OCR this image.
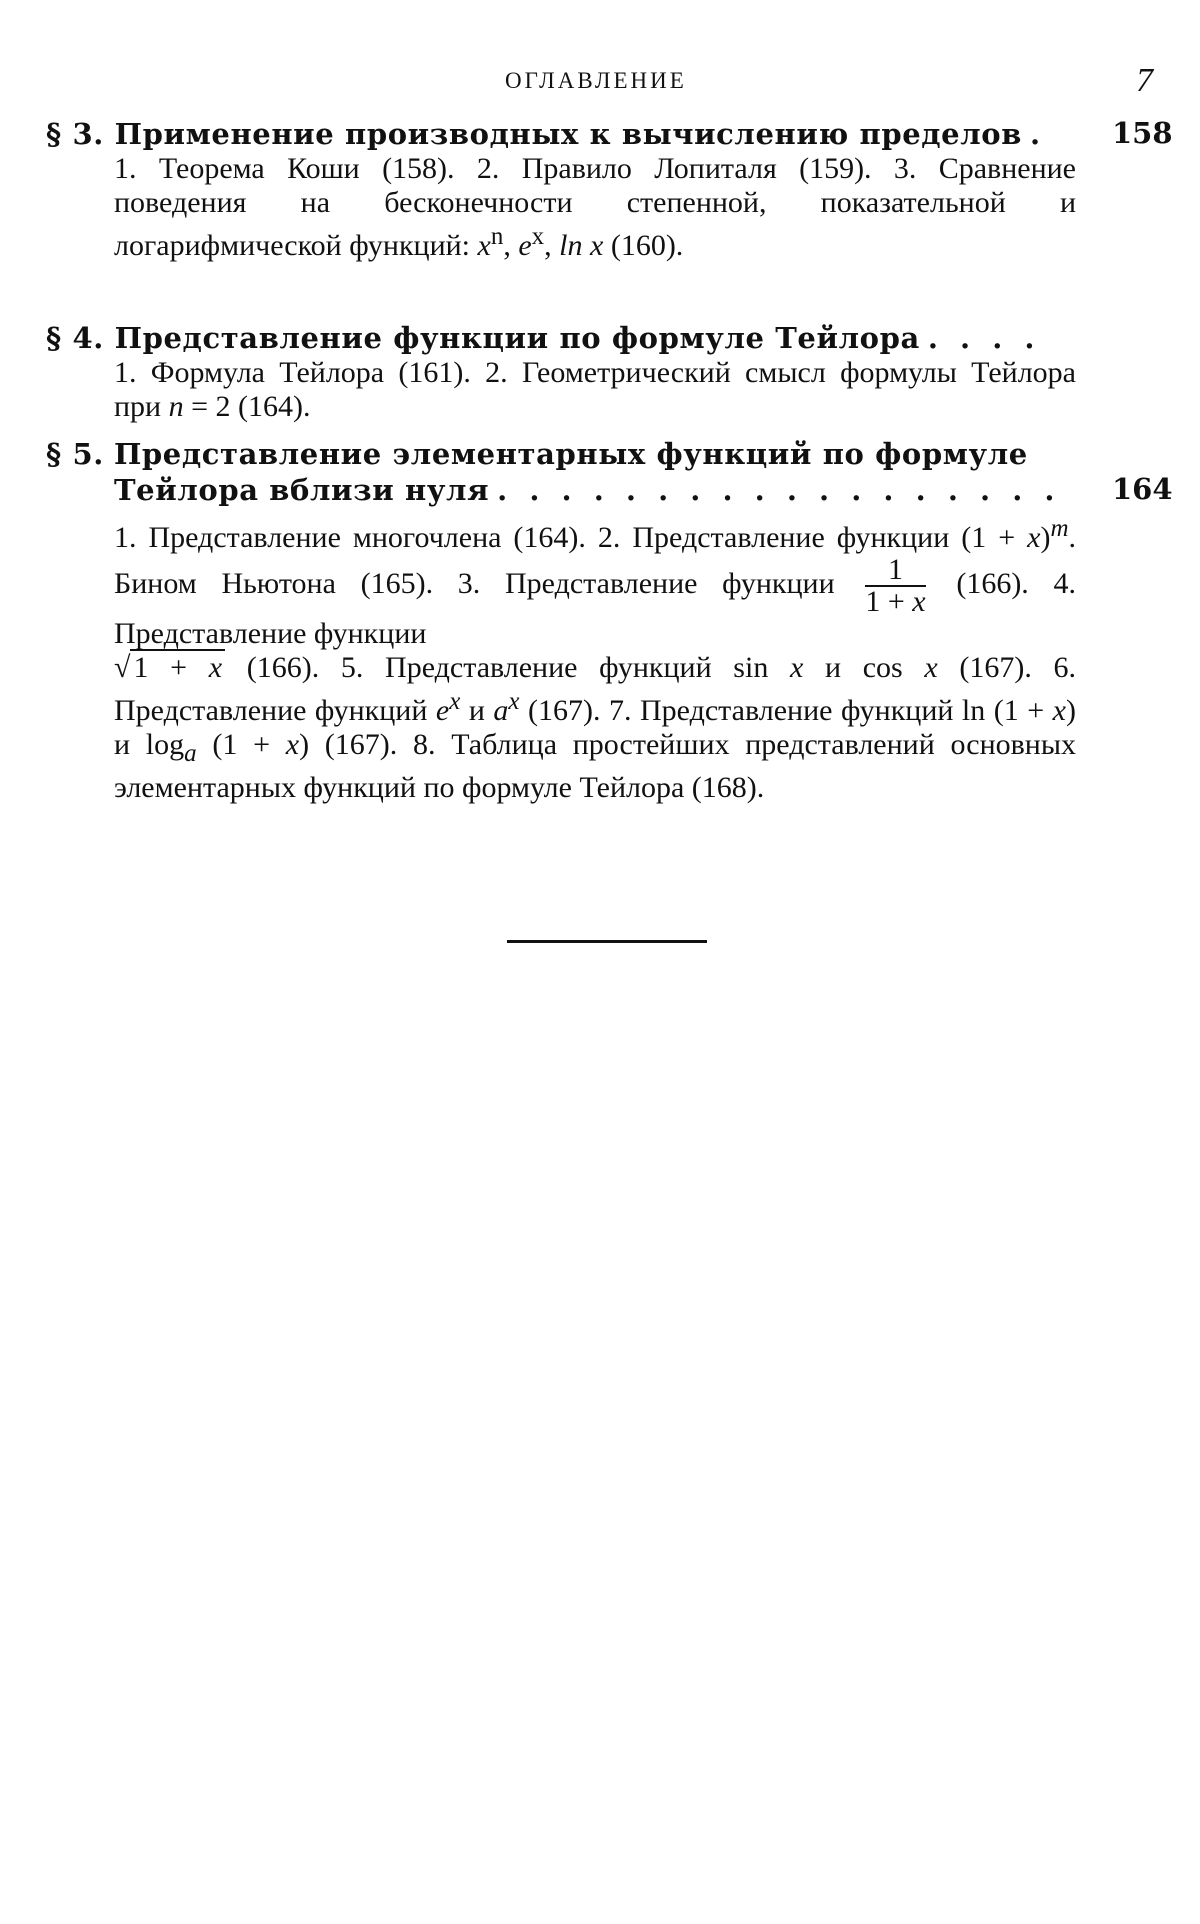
ОГЛАВЛЕНИЕ	7
§ 3. Применение производных к вычислению пределов .	158
1. Теорема Коши (158). 2. Правило Лопиталя (159). 3. Сравнение поведения на бесконечности степенной, показательной и логарифмической функций: $x^n$, $e^x$, ln x (160).
§ 4. Представление функции по формуле Тейлора . . . .
1. Формула Тейлора (161). 2. Геометрический смысл формулы Тейлора при n = 2 (164).
§ 5. Представление элементарных функций по формуле
Тейлора вблизи нуля . . . . . . . . . . . . . . . . . .	164
1. Представление многочлена (164). 2. Представление функции $(1 + x)^m$. Бином Ньютона (165). 3. Представление функции $\frac{1}{1 + x} (166)$. 4. Представление функции
√ 1 + x (166). 5. Представление функций sin x и cos x (167). 6. Представление функций $e^x$ и $a^x$ (167). 7. Представление функций ln (1 + x) и $\log_a (1 + x)$ (167). 8. Таблица простейших представлений основных элементарных функций по формуле Тейлора (168).
